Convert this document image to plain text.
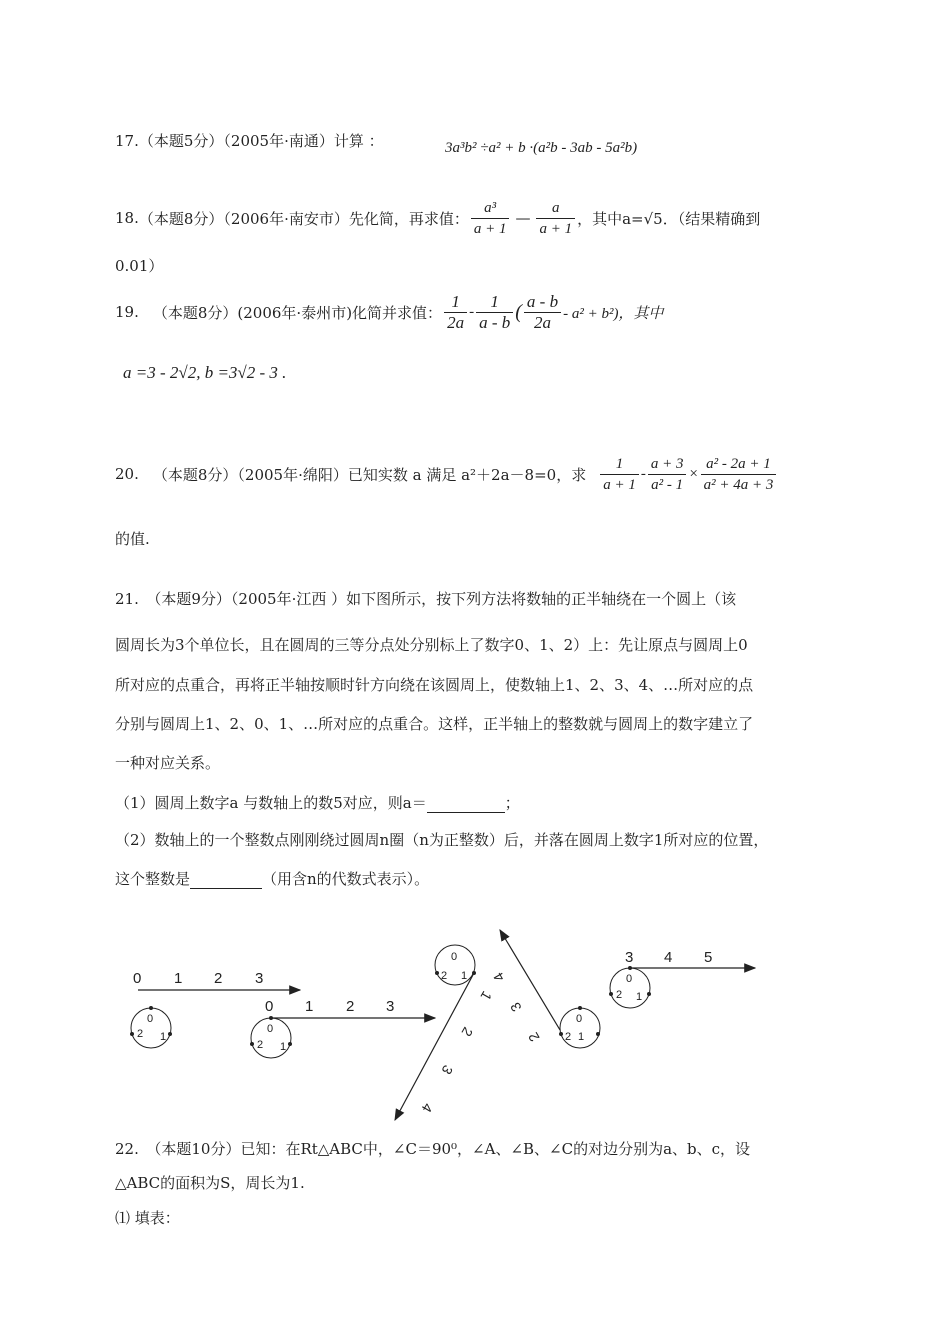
17.（本题5分）（2005年·南通）计算 ：	3a³b² ÷a² + b ·(a²b - 3ab - 5a²b)
18. （本题8分）（2006年·南安市）先化简，再求值： $\frac{\text{a³}}{a + 1}$ — $\frac{a}{a + 1}$ ，其中a=√5．（结果精确到
0.01）
19. （本题8分）(2006年·泰州市)化简并求值： $\frac{1}{2a} - \frac{1}{a - b}$ ( $\frac{a - b}{2a} - a^2 + b^2$)，其中
a =3 - 2√2, b =3√2 - 3 .
20. （本题8分）（2005年·绵阳）已知实数 a 满足 a²＋2a－8=0，求 $\frac{1}{a + 1} - \frac{a + 3}{\text{a² - 1}} \times \frac{\text{a² - 2a + 1}}{\text{a² + 4a + 3}}$
的值.
21.　（本题9分）（2005年·江西 ）如下图所示，按下列方法将数轴的正半轴绕在一个圆上（该
圆周长为3个单位长，且在圆周的三等分点处分别标上了数字0、1、2）上：先让原点与圆周上0
所对应的点重合，再将正半轴按顺时针方向绕在该圆周上，使数轴上1、2、3、4、…所对应的点
分别与圆周上1、2、0、1、…所对应的点重合。这样，正半轴上的整数就与圆周上的数字建立了
一种对应关系。
（1）圆周上数字a 与数轴上的数5对应，则a＝	；
（2）数轴上的一个整数点刚刚绕过圆周n圈（n为正整数）后，并落在圆周上数字1所对应的位置，
这个整数是	（用含n的代数式表示）。
0 1 2 3
0
2 1
0 1 2 3
0
2 1
0
2 1
1
2
3
4
2
3
4
0
2 1
3 4 5
0
2 1
22.　（本题10分）已知：在Rt△ABC中，∠C＝90⁰，∠A、∠B、∠C的对边分别为a、b、c，设
△ABC的面积为S，周长为1.
⑴ 填表：
